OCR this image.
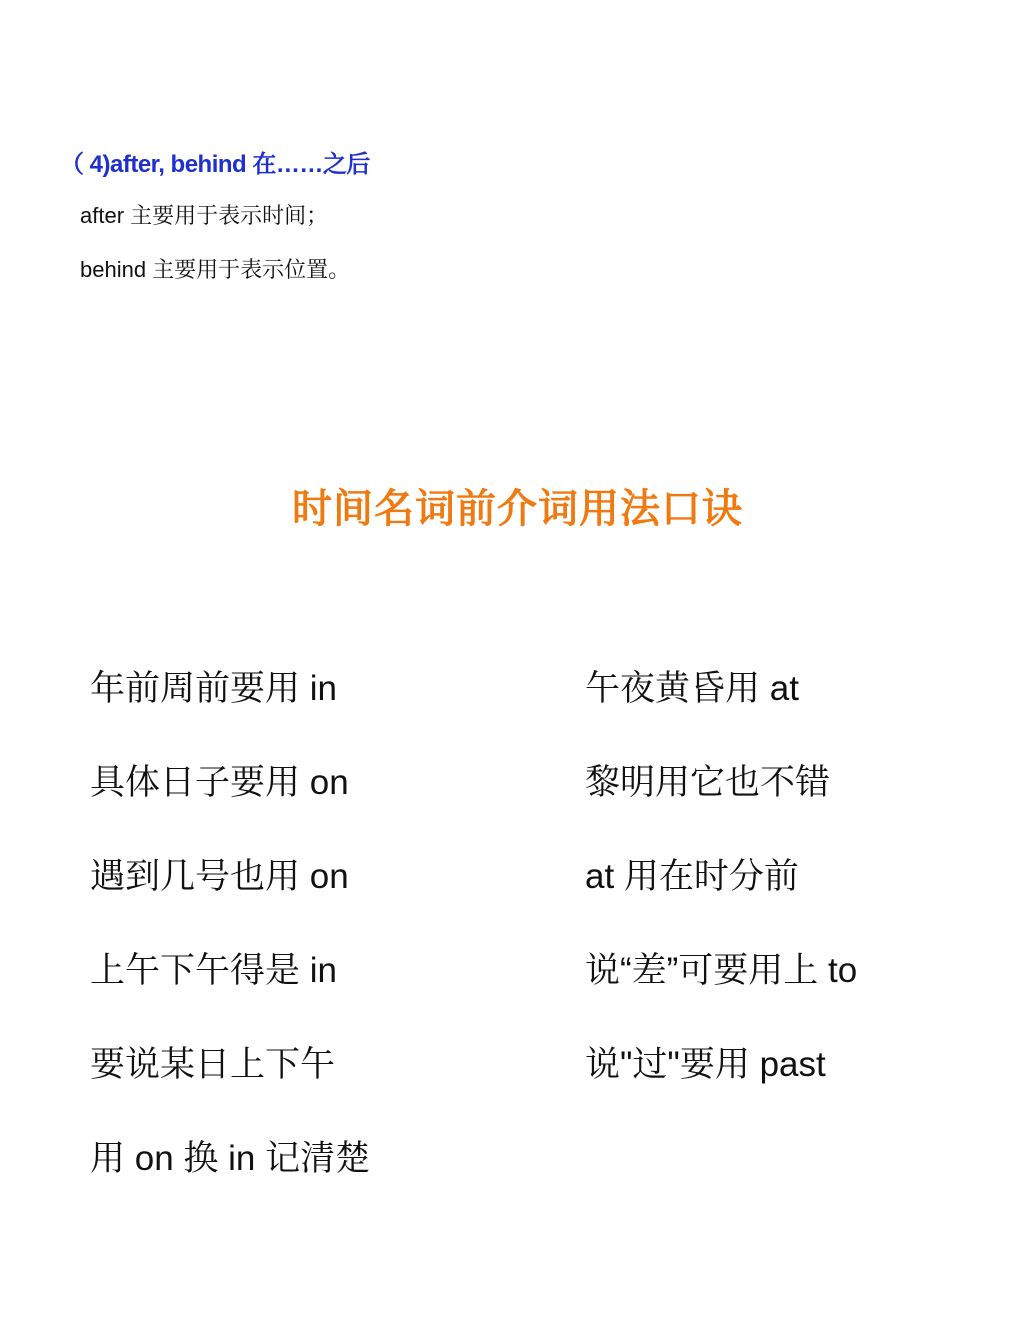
（ 4)after, behind 在……之后
after 主要用于表示时间；
behind 主要用于表示位置。
时间名词前介词用法口诀
年前周前要用 in
具体日子要用 on
遇到几号也用 on
上午下午得是 in
要说某日上下午
用 on 换 in 记清楚
午夜黄昏用 at
黎明用它也不错
at 用在时分前
说“差”可要用上 to
说"过"要用 past
